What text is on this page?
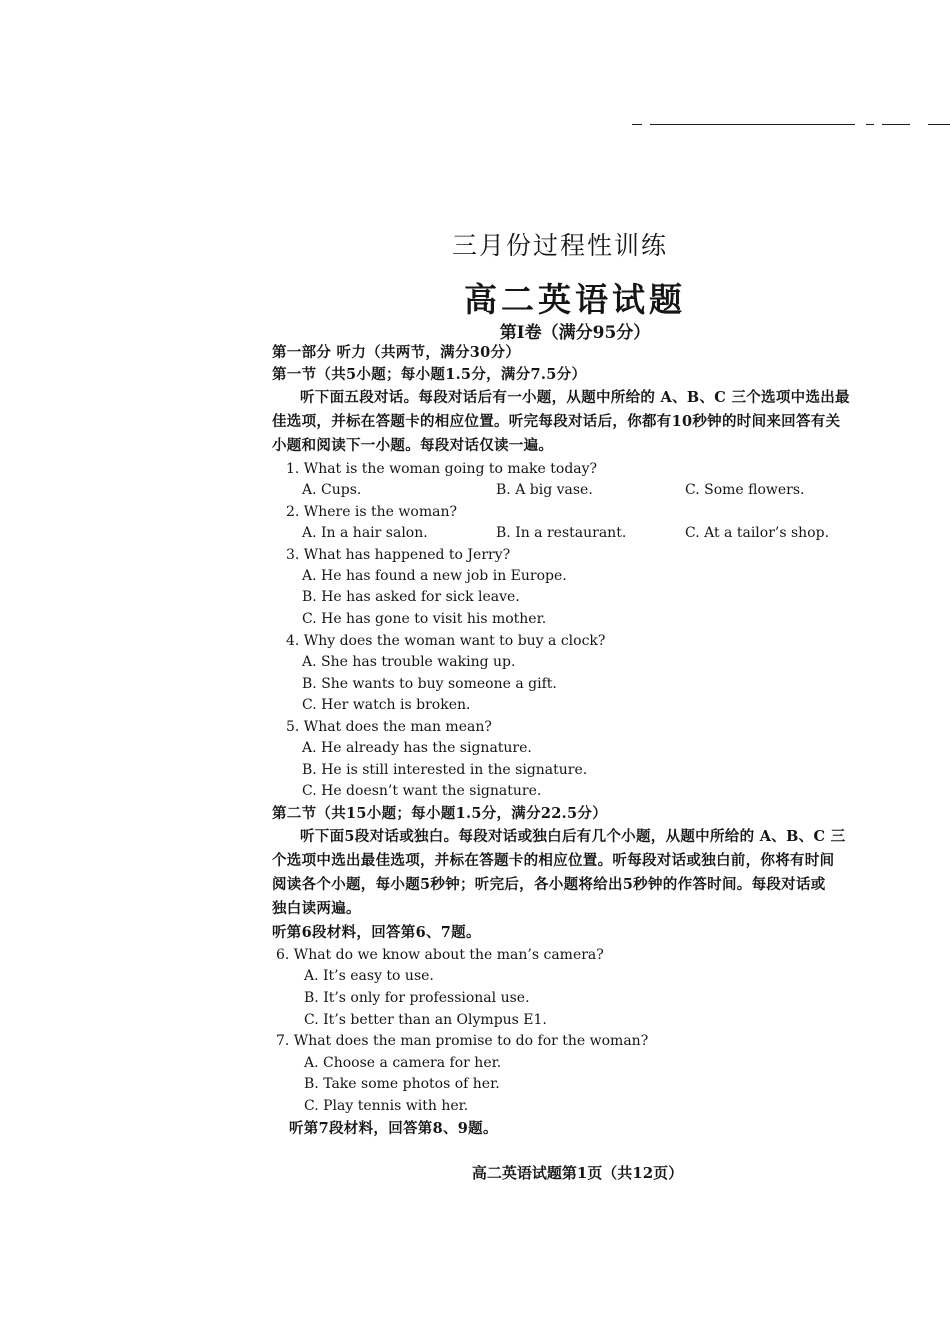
三月份过程性训练
高二英语试题
第Ⅰ卷（满分95分）
第一部分 听力（共两节，满分30分）
第一节（共5小题；每小题1.5分，满分7.5分）
听下面五段对话。每段对话后有一小题，从题中所给的 A、B、C 三个选项中选出最
佳选项，并标在答题卡的相应位置。听完每段对话后，你都有10秒钟的时间来回答有关
小题和阅读下一小题。每段对话仅读一遍。
1. What is the woman going to make today?
A. Cups.	B. A big vase.	C. Some flowers.
2. Where is the woman?
A. In a hair salon.	B. In a restaurant.	C. At a tailor’s shop.
3. What has happened to Jerry?
A. He has found a new job in Europe.
B. He has asked for sick leave.
C. He has gone to visit his mother.
4. Why does the woman want to buy a clock?
A. She has trouble waking up.
B. She wants to buy someone a gift.
C. Her watch is broken.
5. What does the man mean?
A. He already has the signature.
B. He is still interested in the signature.
C. He doesn’t want the signature.
第二节（共15小题；每小题1.5分，满分22.5分）
听下面5段对话或独白。每段对话或独白后有几个小题，从题中所给的 A、B、C 三
个选项中选出最佳选项，并标在答题卡的相应位置。听每段对话或独白前，你将有时间
阅读各个小题，每小题5秒钟；听完后，各小题将给出5秒钟的作答时间。每段对话或
独白读两遍。
听第6段材料，回答第6、7题。
6. What do we know about the man’s camera?
A. It’s easy to use.
B. It’s only for professional use.
C. It’s better than an Olympus E1.
7. What does the man promise to do for the woman?
A. Choose a camera for her.
B. Take some photos of her.
C. Play tennis with her.
听第7段材料，回答第8、9题。
高二英语试题第1页（共12页）
